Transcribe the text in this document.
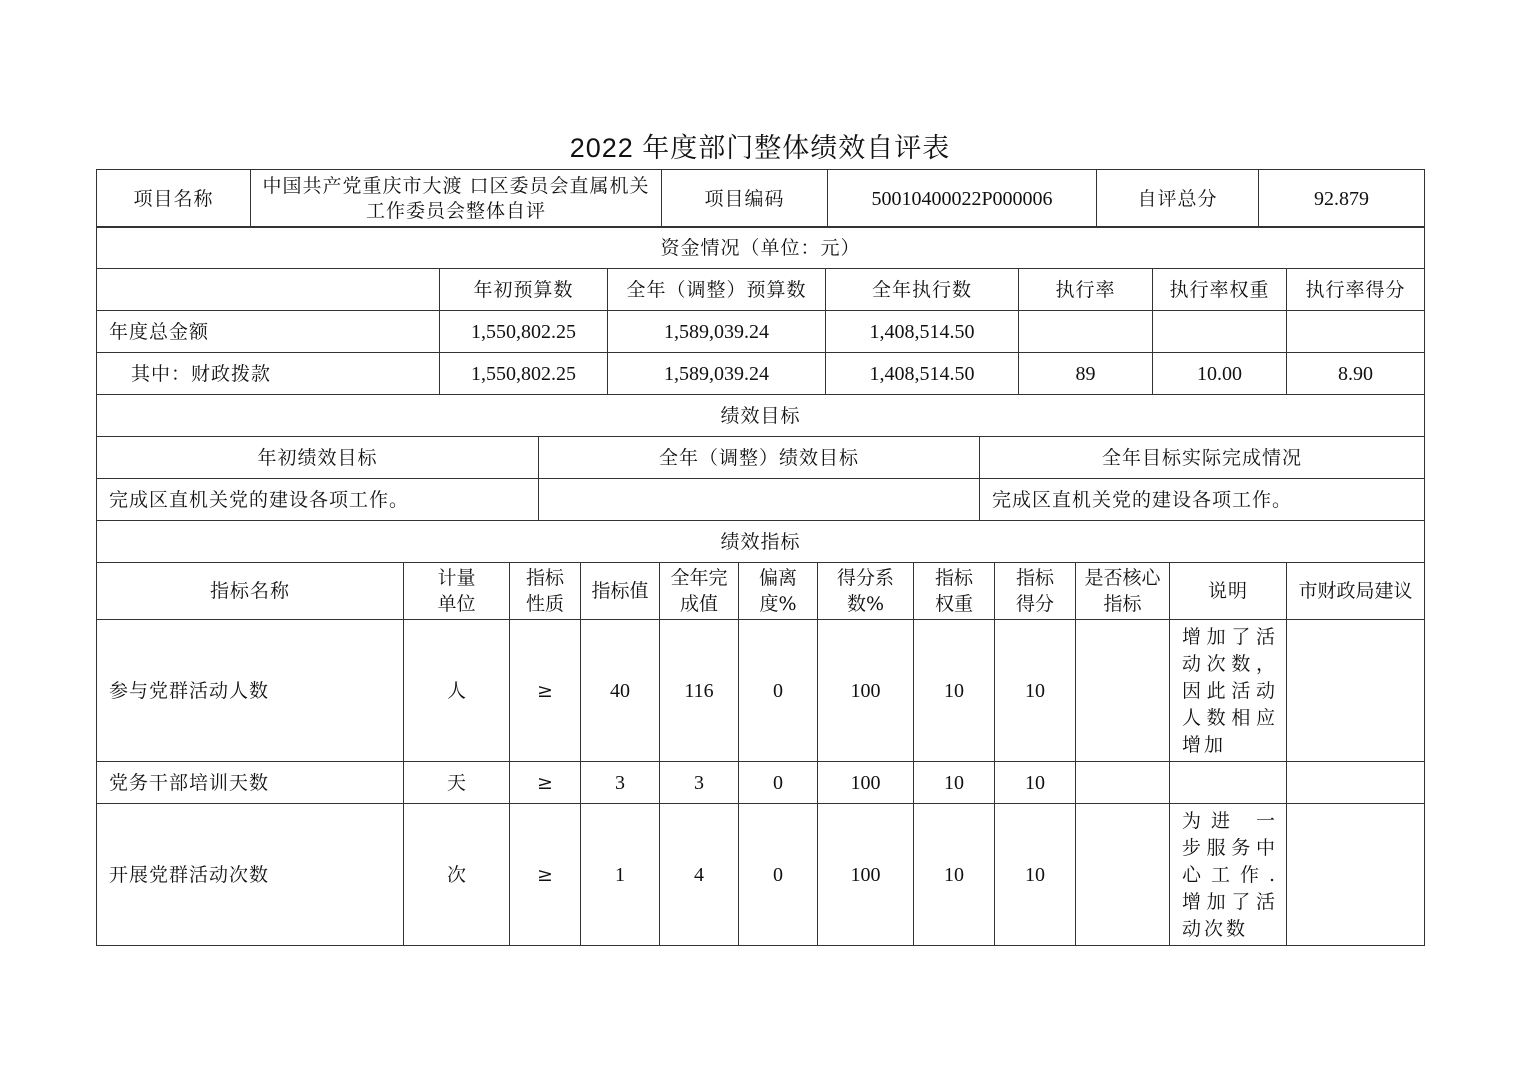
2022 年度部门整体绩效自评表
项目名称	中国共产党重庆市大渡 口区委员会直属机关工作委员会整体自评	项目编码	50010400022P000006	自评总分	92.879
资金情况（单位：元）						
	年初预算数	全年（调整）预算数	全年执行数	执行率	执行率权重	执行率得分
年度总金额	1,550,802.25	1,589,039.24	1,408,514.50			
其中：财政拨款	1,550,802.25	1,589,039.24	1,408,514.50	89	10.00	8.90
绩效目标		
年初绩效目标	全年（调整）绩效目标	全年目标实际完成情况
完成区直机关党的建设各项工作。		完成区直机关党的建设各项工作。
绩效指标											
指标名称	计量单位	指标性质	指标值	全年完成值	偏离度%	得分系数%	指标权重	指标得分	是否核心指标	说明	市财政局建议
参与党群活动人数	人	≥	40	116	0	100	10	10		增加了活动次数，因此活动人数相应增加	
党务干部培训天数	天	≥	3	3	0	100	10	10			
开展党群活动次数	次	≥	1	4	0	100	10	10		为进 一步服务中心工作.增加了活动次数	
